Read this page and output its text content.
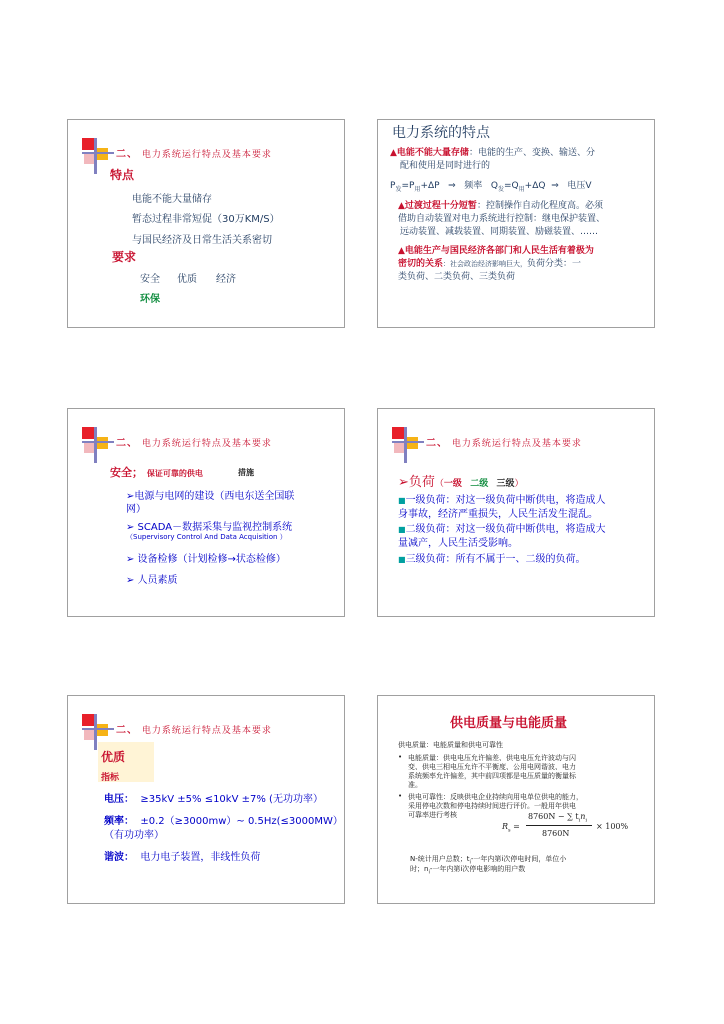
二、 电力系统运行特点及基本要求
特点
电能不能大量储存
暂态过程非常短促（30万KM/S）
与国民经济及日常生活关系密切
要求
安全 优质 经济
环保
电力系统的特点
▲电能不能大量存储：电能的生产、变换、输送、分
配和使用是同时进行的
$P_发=P_用+\Delta P$ ⇒ 频率 $Q_发=Q_用+\Delta Q$ ⇒ 电压V
▲过渡过程十分短暂：控制操作自动化程度高。必须
借助自动装置对电力系统进行控制：继电保护装置、
远动装置、减载装置、同期装置、励磁装置、……
▲电能生产与国民经济各部门和人民生活有着极为
密切的关系：社会政治经济影响巨大，负荷分类：一
类负荷、二类负荷、三类负荷
二、 电力系统运行特点及基本要求
安全； 保证可靠的供电	措施
➢电源与电网的建设（西电东送全国联
网）
➢ SCADA－数据采集与监视控制系统
（Supervisory Control And Data Acquisition ）
➢ 设备检修（计划检修→状态检修）
➢ 人员素质
二、 电力系统运行特点及基本要求
➢负荷（一级 二级 三级）
■一级负荷：对这一级负荷中断供电，将造成人
身事故，经济严重损失，人民生活发生混乱。
■二级负荷：对这一级负荷中断供电，将造成大
量减产，人民生活受影响。
■三级负荷：所有不属于一、二级的负荷。
二、 电力系统运行特点及基本要求
优质
指标
电压： ≥35kV ±5% ≤10kV ±7% (无功功率）
频率： ±0.2（≥3000mw）~ 0.5Hz(≤3000MW）
（有功功率）
谐波： 电力电子装置，非线性负荷
供电质量与电能质量
供电质量：电能质量和供电可靠性
• 电能质量：供电电压允许偏差、供电电压允许波动与闪
变、供电三相电压允许不平衡度、公用电网谐波、电力
系统频率允许偏差，其中前四项都是电压质量的衡量标
准。
• 供电可靠性：反映供电企业持续向用电单位供电的能力，
采用停电次数和停电持续时间进行评价。一般用年供电
可靠率进行考核
$R_s$ =
8760N − ∑ $t_in_i$
8760N
× 100%
N-统计用户总数；$t_i-$一年内第i次停电时间，单位小
时；$n_i-$一年内第i次停电影响的用户数
